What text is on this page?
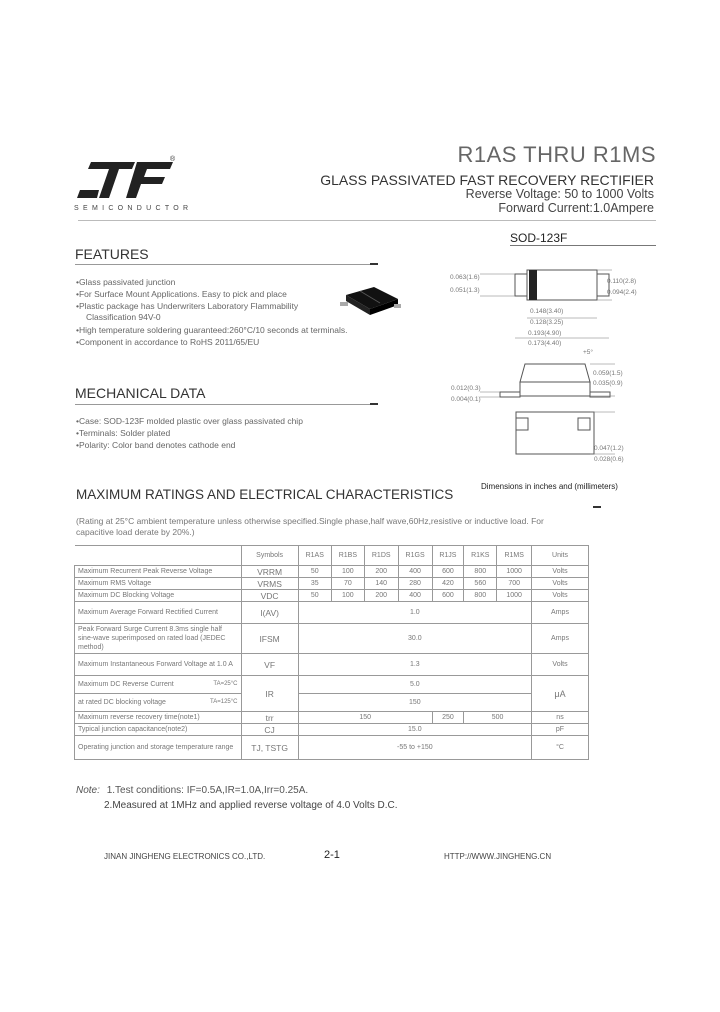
®
SEMICONDUCTOR
R1AS THRU R1MS
GLASS PASSIVATED FAST RECOVERY RECTIFIER
Reverse Voltage: 50 to 1000 Volts
Forward Current:1.0Ampere
SOD-123F
FEATURES
• Glass passivated junction
• For Surface Mount Applications. Easy to pick and place
• Plastic package has Underwriters Laboratory Flammability
Classification 94V-0
• High temperature soldering guaranteed:260°C/10 seconds at terminals.
• Component in accordance to RoHS 2011/65/EU
0.063(1.6)
0.051(1.3)
0.110(2.8)
0.094(2.4)
0.148(3.40)
0.128(3.25)
0.193(4.90)
0.173(4.40)
+5°
0.059(1.5)
0.035(0.9)
0.012(0.3)
0.004(0.1)
0.047(1.2)
0.028(0.6)
Dimensions in inches and (millimeters)
MECHANICAL DATA
• Case: SOD-123F molded plastic over glass passivated chip
• Terminals: Solder plated
• Polarity: Color band denotes cathode end
MAXIMUM RATINGS AND ELECTRICAL CHARACTERISTICS
(Rating at 25°C ambient temperature unless otherwise specified.Single phase,half wave,60Hz,resistive or inductive load. For capacitive load derate by 20%.)
	Symbols	R1AS	R1BS	R1DS	R1GS	R1JS	R1KS	R1MS	Units
Maximum Recurrent Peak Reverse Voltage	VRRM	50	100	200	400	600	800	1000	Volts
Maximum RMS Voltage	VRMS	35	70	140	280	420	560	700	Volts
Maximum DC Blocking Voltage	VDC	50	100	200	400	600	800	1000	Volts
Maximum Average Forward Rectified Current	I(AV)	1.0							Amps
Peak Forward Surge Current 8.3ms single half sine-wave superimposed on rated load (JEDEC method)	IFSM	30.0							Amps
Maximum Instantaneous Forward Voltage at 1.0 A	VF	1.3							Volts
Maximum DC Reverse Current TA=25°C	IR	5.0							μA
at rated DC blocking voltage TA=125°C		150							
Maximum reverse recovery time(note1)	trr	150				250	500		ns
Typical junction capacitance(note2)	CJ	15.0							pF
Operating junction and storage temperature range	TJ, TSTG	-55 to +150							°C
Note: 1.Test conditions: IF=0.5A,IR=1.0A,Irr=0.25A.
2.Measured at 1MHz and applied reverse voltage of 4.0 Volts D.C.
JINAN JINGHENG ELECTRONICS CO.,LTD.	2-1	HTTP://WWW.JINGHENG.CN
